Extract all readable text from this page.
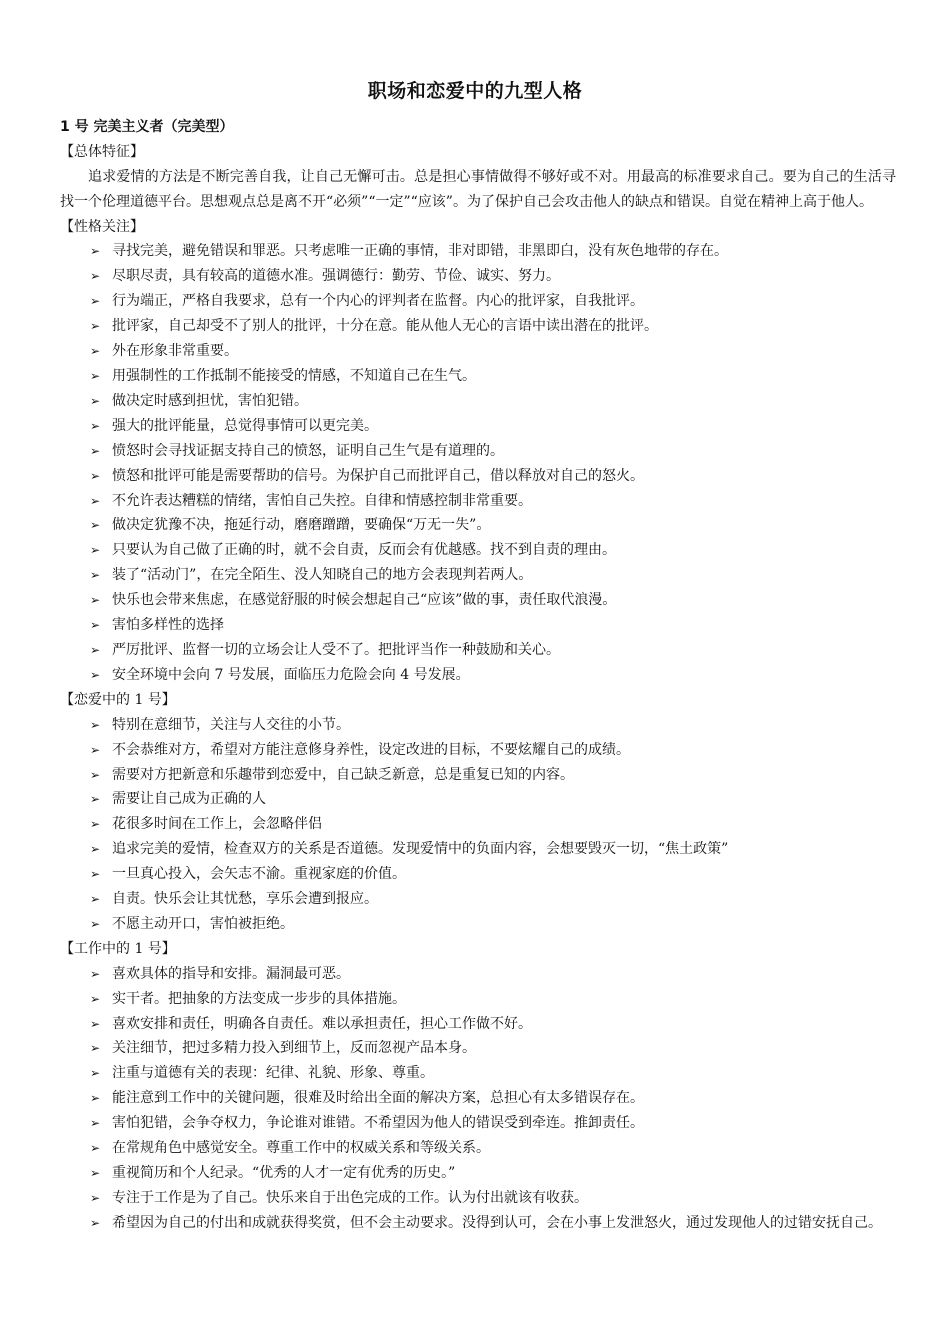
职场和恋爱中的九型人格
1 号 完美主义者（完美型）
【总体特征】
追求爱情的方法是不断完善自我，让自己无懈可击。总是担心事情做得不够好或不对。用最高的标准要求自己。要为自己的生活寻找一个伦理道德平台。思想观点总是离不开“必须”“一定”“应该”。为了保护自己会攻击他人的缺点和错误。自觉在精神上高于他人。
【性格关注】
➢ 寻找完美，避免错误和罪恶。只考虑唯一正确的事情，非对即错，非黑即白，没有灰色地带的存在。
➢ 尽职尽责，具有较高的道德水准。强调德行：勤劳、节俭、诚实、努力。
➢ 行为端正，严格自我要求，总有一个内心的评判者在监督。内心的批评家，自我批评。
➢ 批评家，自己却受不了别人的批评，十分在意。能从他人无心的言语中读出潜在的批评。
➢ 外在形象非常重要。
➢ 用强制性的工作抵制不能接受的情感，不知道自己在生气。
➢ 做决定时感到担忧，害怕犯错。
➢ 强大的批评能量，总觉得事情可以更完美。
➢ 愤怒时会寻找证据支持自己的愤怒，证明自己生气是有道理的。
➢ 愤怒和批评可能是需要帮助的信号。为保护自己而批评自己，借以释放对自己的怒火。
➢ 不允许表达糟糕的情绪，害怕自己失控。自律和情感控制非常重要。
➢ 做决定犹豫不决，拖延行动，磨磨蹭蹭，要确保“万无一失”。
➢ 只要认为自己做了正确的时，就不会自责，反而会有优越感。找不到自责的理由。
➢ 装了“活动门”，在完全陌生、没人知晓自己的地方会表现判若两人。
➢ 快乐也会带来焦虑，在感觉舒服的时候会想起自己“应该”做的事，责任取代浪漫。
➢ 害怕多样性的选择
➢ 严厉批评、监督一切的立场会让人受不了。把批评当作一种鼓励和关心。
➢ 安全环境中会向 7 号发展，面临压力危险会向 4 号发展。
【恋爱中的 1 号】
➢ 特别在意细节，关注与人交往的小节。
➢ 不会恭维对方，希望对方能注意修身养性，设定改进的目标，不要炫耀自己的成绩。
➢ 需要对方把新意和乐趣带到恋爱中，自己缺乏新意，总是重复已知的内容。
➢ 需要让自己成为正确的人
➢ 花很多时间在工作上，会忽略伴侣
➢ 追求完美的爱情，检查双方的关系是否道德。发现爱情中的负面内容，会想要毁灭一切，“焦土政策”
➢ 一旦真心投入，会矢志不渝。重视家庭的价值。
➢ 自责。快乐会让其忧愁，享乐会遭到报应。
➢ 不愿主动开口，害怕被拒绝。
【工作中的 1 号】
➢ 喜欢具体的指导和安排。漏洞最可恶。
➢ 实干者。把抽象的方法变成一步步的具体措施。
➢ 喜欢安排和责任，明确各自责任。难以承担责任，担心工作做不好。
➢ 关注细节，把过多精力投入到细节上，反而忽视产品本身。
➢ 注重与道德有关的表现：纪律、礼貌、形象、尊重。
➢ 能注意到工作中的关键问题，很难及时给出全面的解决方案，总担心有太多错误存在。
➢ 害怕犯错，会争夺权力，争论谁对谁错。不希望因为他人的错误受到牵连。推卸责任。
➢ 在常规角色中感觉安全。尊重工作中的权威关系和等级关系。
➢ 重视简历和个人纪录。“优秀的人才一定有优秀的历史。”
➢ 专注于工作是为了自己。快乐来自于出色完成的工作。认为付出就该有收获。
➢ 希望因为自己的付出和成就获得奖赏，但不会主动要求。没得到认可，会在小事上发泄怒火，通过发现他人的过错安抚自己。
